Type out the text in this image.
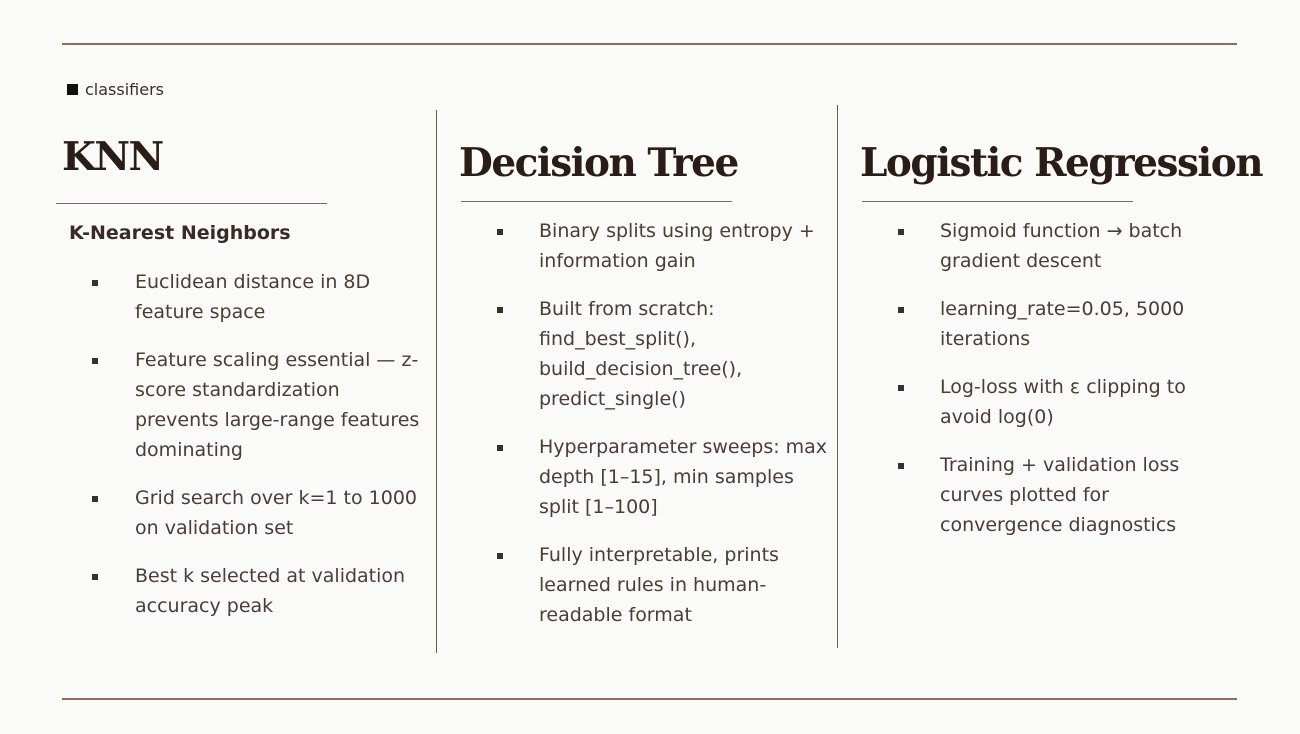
classifiers
KNN
K-Nearest Neighbors
Euclidean distance in 8D feature space
Feature scaling essential — z-score standardization prevents large-range features dominating
Grid search over k=1 to 1000 on validation set
Best k selected at validation accuracy peak
Decision Tree
Binary splits using entropy + information gain
Built from scratch: find_best_split(), build_decision_tree(), predict_single()
Hyperparameter sweeps: max depth [1–15], min samples split [1–100]
Fully interpretable, prints learned rules in human-readable format
Logistic Regression
Sigmoid function → batch gradient descent
learning_rate=0.05, 5000 iterations
Log-loss with ε clipping to avoid log(0)
Training + validation loss curves plotted for convergence diagnostics
